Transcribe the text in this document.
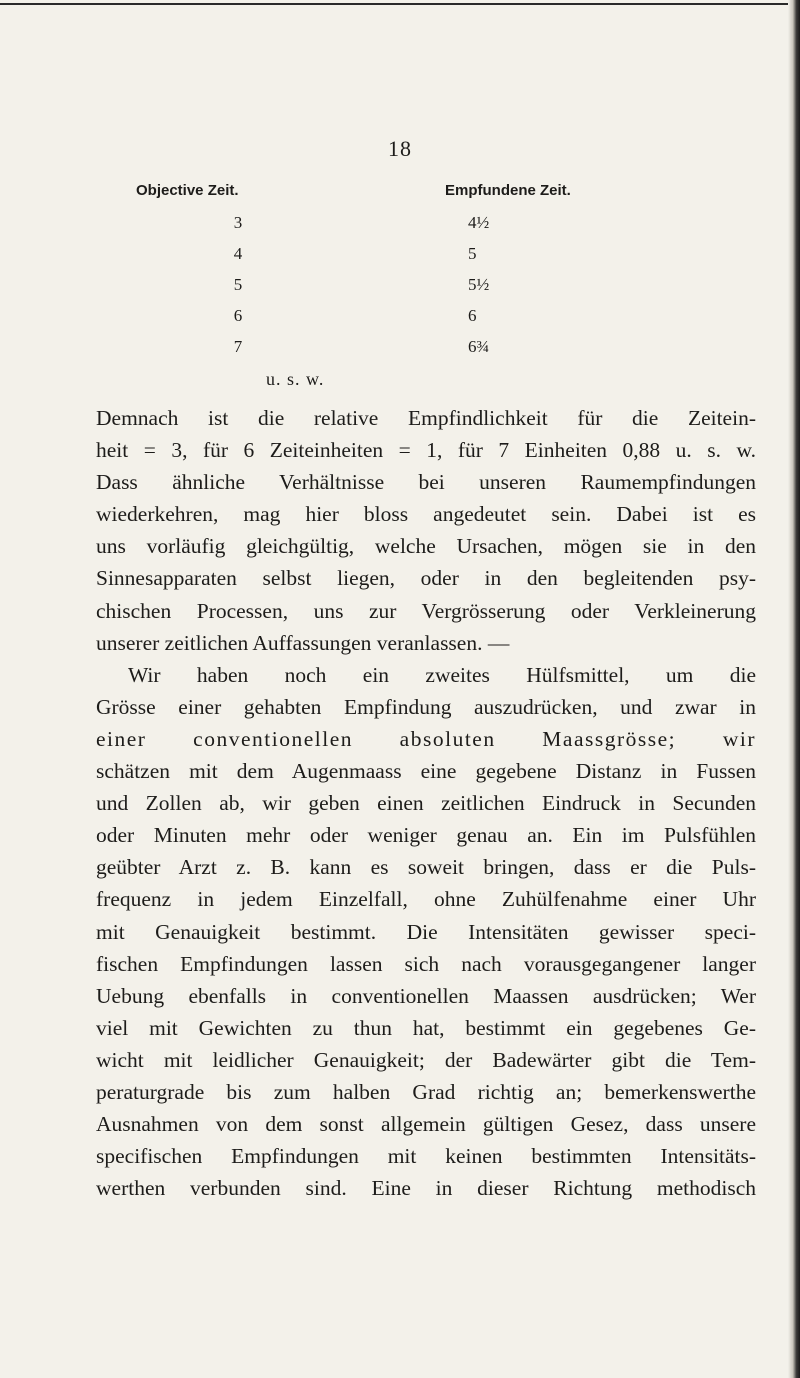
18
Objective Zeit.	Empfundene Zeit.
3	4½
4	5
5	5½
6	6
7	6¾
u. s. w.
Demnach ist die relative Empfindlichkeit für die Zeitein-
heit = 3, für 6 Zeiteinheiten = 1, für 7 Einheiten 0,88 u. s. w.
Dass ähnliche Verhältnisse bei unseren Raumempfindungen
wiederkehren, mag hier bloss angedeutet sein. Dabei ist es
uns vorläufig gleichgültig, welche Ursachen, mögen sie in den
Sinnesapparaten selbst liegen, oder in den begleitenden psy-
chischen Processen, uns zur Vergrösserung oder Verkleinerung
unserer zeitlichen Auffassungen veranlassen. —
Wir haben noch ein zweites Hülfsmittel, um die
Grösse einer gehabten Empfindung auszudrücken, und zwar in
einer conventionellen absoluten Maassgrösse; wir
schätzen mit dem Augenmaass eine gegebene Distanz in Fussen
und Zollen ab, wir geben einen zeitlichen Eindruck in Secunden
oder Minuten mehr oder weniger genau an. Ein im Pulsfühlen
geübter Arzt z. B. kann es soweit bringen, dass er die Puls-
frequenz in jedem Einzelfall, ohne Zuhülfenahme einer Uhr
mit Genauigkeit bestimmt. Die Intensitäten gewisser speci-
fischen Empfindungen lassen sich nach vorausgegangener langer
Uebung ebenfalls in conventionellen Maassen ausdrücken; Wer
viel mit Gewichten zu thun hat, bestimmt ein gegebenes Ge-
wicht mit leidlicher Genauigkeit; der Badewärter gibt die Tem-
peraturgrade bis zum halben Grad richtig an; bemerkenswerthe
Ausnahmen von dem sonst allgemein gültigen Gesez, dass unsere
specifischen Empfindungen mit keinen bestimmten Intensitäts-
werthen verbunden sind. Eine in dieser Richtung methodisch
